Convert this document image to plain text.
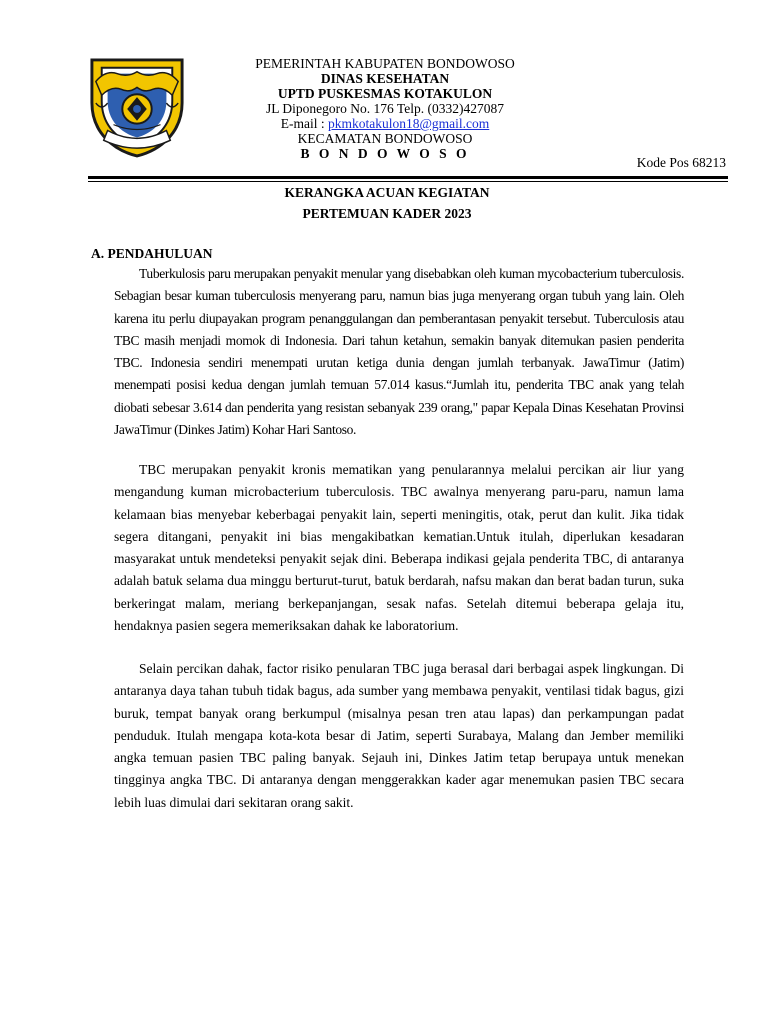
PEMERINTAH KABUPATEN BONDOWOSO
DINAS KESEHATAN
UPTD PUSKESMAS KOTAKULON
JL Diponegoro No. 176 Telp. (0332)427087
E-mail : pkmkotakulon18@gmail.com
KECAMATAN BONDOWOSO
B O N D O W O S O
Kode Pos 68213
KERANGKA ACUAN KEGIATAN
PERTEMUAN KADER 2023
A. PENDAHULUAN

Tuberkulosis paru merupakan penyakit menular yang disebabkan oleh kuman mycobacterium tuberculosis. Sebagian besar kuman tuberculosis menyerang paru, namun bias juga menyerang organ tubuh yang lain. Oleh karena itu perlu diupayakan program penanggulangan dan pemberantasan penyakit tersebut. Tuberculosis atau TBC masih menjadi momok di Indonesia. Dari tahun ketahun, semakin banyak ditemukan pasien penderita TBC. Indonesia sendiri menempati urutan ketiga dunia dengan jumlah terbanyak. JawaTimur (Jatim) menempati posisi kedua dengan jumlah temuan 57.014 kasus.“Jumlah itu, penderita TBC anak yang telah diobati sebesar 3.614 dan penderita yang resistan sebanyak 239 orang," papar Kepala Dinas Kesehatan Provinsi JawaTimur (Dinkes Jatim) Kohar Hari Santoso.

TBC merupakan penyakit kronis mematikan yang penularannya melalui percikan air liur yang mengandung kuman microbacterium tuberculosis. TBC awalnya menyerang paru-paru, namun lama kelamaan bias menyebar keberbagai penyakit lain, seperti meningitis, otak, perut dan kulit. Jika tidak segera ditangani, penyakit ini bias mengakibatkan kematian.Untuk itulah, diperlukan kesadaran masyarakat untuk mendeteksi penyakit sejak dini. Beberapa indikasi gejala penderita TBC, di antaranya adalah batuk selama dua minggu berturut-turut, batuk berdarah, nafsu makan dan berat badan turun, suka berkeringat malam, meriang berkepanjangan, sesak nafas. Setelah ditemui beberapa gelaja itu, hendaknya pasien segera memeriksakan dahak ke laboratorium.

Selain percikan dahak, factor risiko penularan TBC juga berasal dari berbagai aspek lingkungan. Di antaranya daya tahan tubuh tidak bagus, ada sumber yang membawa penyakit, ventilasi tidak bagus, gizi buruk, tempat banyak orang berkumpul (misalnya pesan tren atau lapas) dan perkampungan padat penduduk. Itulah mengapa kota-kota besar di Jatim, seperti Surabaya, Malang dan Jember memiliki angka temuan pasien TBC paling banyak. Sejauh ini, Dinkes Jatim tetap berupaya untuk menekan tingginya angka TBC. Di antaranya dengan menggerakkan kader agar menemukan pasien TBC secara lebih luas dimulai dari sekitaran orang sakit.
